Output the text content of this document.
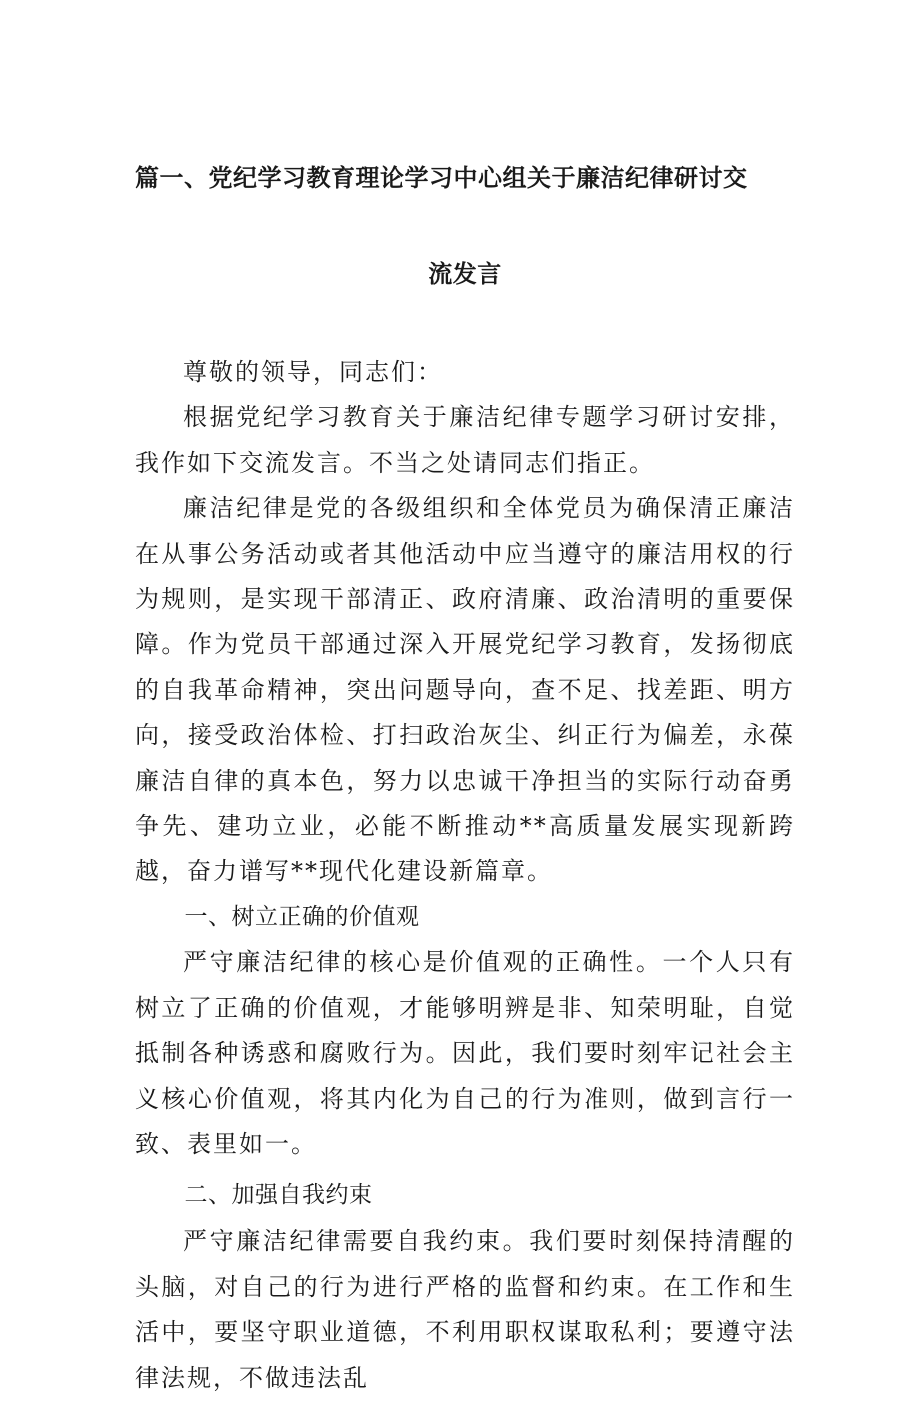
篇一、党纪学习教育理论学习中心组关于廉洁纪律研讨交
流发言

尊敬的领导，同志们：

根据党纪学习教育关于廉洁纪律专题学习研讨安排，我作如下交流发言。不当之处请同志们指正。

廉洁纪律是党的各级组织和全体党员为确保清正廉洁在从事公务活动或者其他活动中应当遵守的廉洁用权的行为规则，是实现干部清正、政府清廉、政治清明的重要保障。作为党员干部通过深入开展党纪学习教育，发扬彻底的自我革命精神，突出问题导向，查不足、找差距、明方向，接受政治体检、打扫政治灰尘、纠正行为偏差，永葆廉洁自律的真本色，努力以忠诚干净担当的实际行动奋勇争先、建功立业，必能不断推动**高质量发展实现新跨越，奋力谱写**现代化建设新篇章。

一、树立正确的价值观

严守廉洁纪律的核心是价值观的正确性。一个人只有树立了正确的价值观，才能够明辨是非、知荣明耻，自觉抵制各种诱惑和腐败行为。因此，我们要时刻牢记社会主义核心价值观，将其内化为自己的行为准则，做到言行一致、表里如一。

二、加强自我约束

严守廉洁纪律需要自我约束。我们要时刻保持清醒的头脑，对自己的行为进行严格的监督和约束。在工作和生活中，要坚守职业道德，不利用职权谋取私利；要遵守法律法规，不做违法乱
